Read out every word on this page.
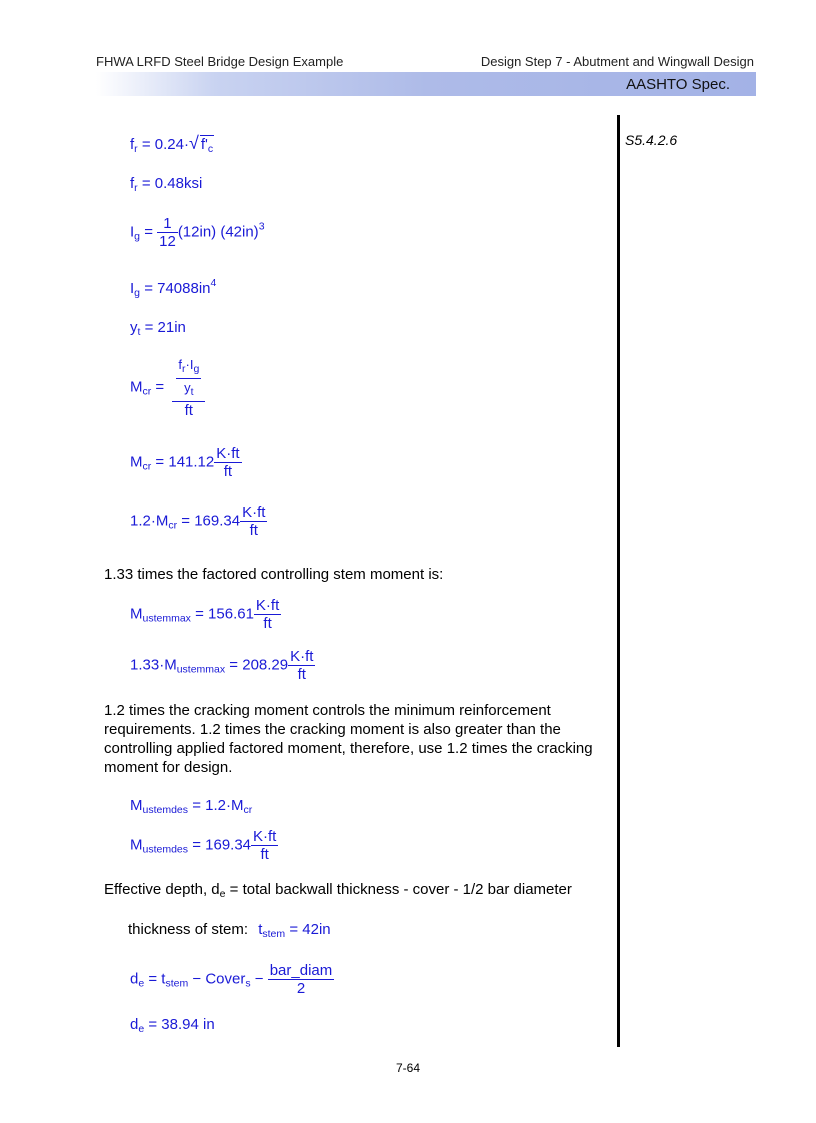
FHWA LRFD Steel Bridge Design Example	Design Step 7 - Abutment and Wingwall Design
AASHTO Spec.
S5.4.2.6
$f_r = 0.24\cdot√$ $f'_c$
$f_r = 0.48ksi$
$I_g = \frac{1}{12} (12in)$ $(42in)^3$
$I_g = 74088in^4$
$y_t = 21in$
$M_{cr} = \frac{\frac{f_r\cdot I_g}{y_t}}{ft}$
$M_{cr} = 141.12 \frac{K\cdot ft}{ft}$
$1.2\cdot M_{cr} = 169.34 \frac{K\cdot ft}{ft}$
1.33 times the factored controlling stem moment is:
$M_{ustemmax} = 156.61 \frac{K\cdot ft}{ft}$
$1.33\cdot M_{ustemmax} = 208.29 \frac{K\cdot ft}{ft}$
1.2 times the cracking moment controls the minimum reinforcement requirements. 1.2 times the cracking moment is also greater than the controlling applied factored moment, therefore, use 1.2 times the cracking moment for design.
$M_{ustemdes} = 1.2\cdot M_{cr}$
$M_{ustemdes} = 169.34 \frac{K\cdot ft}{ft}$
Effective depth, $d_e$ = total backwall thickness - cover - 1/2 bar diameter
thickness of stem: $t_{stem} = 42in$
$d_e = t_{stem}$ − Cover$_s$ − $\frac{\text{bar\_diam}}{2}$
$d_e = 38.94$ in
7-64
